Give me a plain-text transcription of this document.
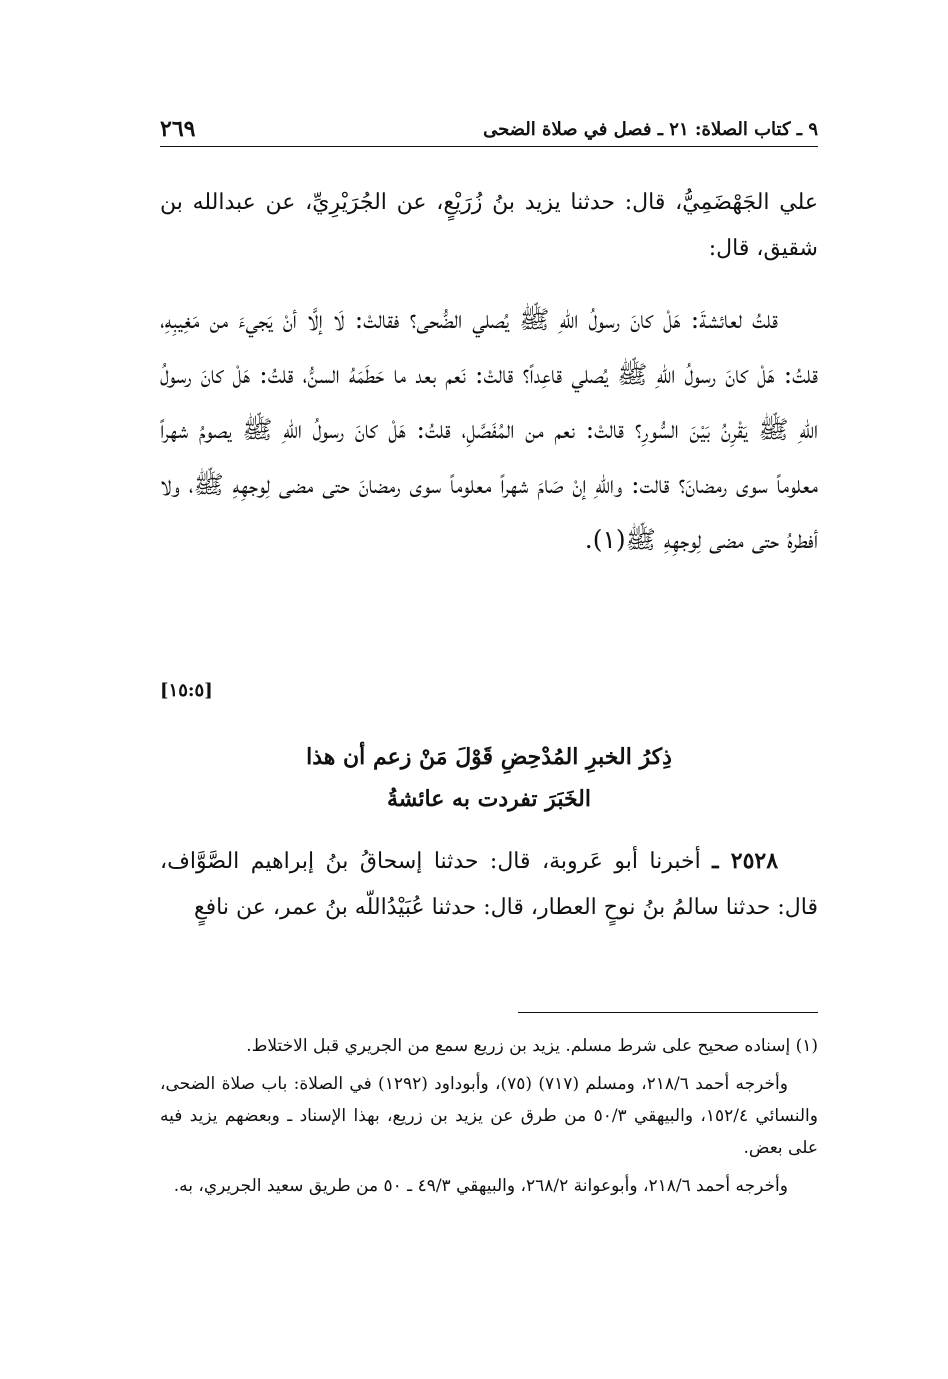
٩ ـ كتاب الصلاة: ٢١ ـ فصل في صلاة الضحى
٢٦٩

علي الجَهْضَمِيُّ، قال: حدثنا يزيد بنُ زُرَيْعٍ، عن الجُرَيْرِيِّ، عن عبدالله بن شقيق، قال:

قلتُ لعائشةَ: هَلْ كانَ رسولُ اللّهِ ﷺ يُصلي الضُّحى؟ فقالتْ: لَا إلَّا أنْ يَجيءَ من مَغِيبِهِ، قلتُ: هَلْ كانَ رسولُ اللّهِ ﷺ يُصلي قاعِداً؟ قالتْ: نَعم بعد ما حَطَمَهُ السنُّ، قلتُ: هَلْ كانَ رسولُ اللّهِ ﷺ يَقْرِنُ بَيْنَ السُّورِ؟ قالتْ: نعم من المُفَصَّلِ، قلتُ: هَلْ كانَ رسولُ اللّهِ ﷺ يصومُ شهراً معلوماً سوى رمضانَ؟ قالت: واللّهِ إنْ صَامَ شهراً معلوماً سوى رمضانَ حتى مضى لِوجهِهِ ﷺ، ولا أفطرهُ حتى مضى لِوجهِهِ ﷺ(١).

[١٥:٥]
ذِكرُ الخبرِ المُدْحِضِ قَوْلَ مَنْ زعم أن هذا
الخَبَرَ تفردت به عائشةُ

٢٥٢٨ ـ أخبرنا أبو عَروبة، قال: حدثنا إسحاقُ بنُ إبراهيم الصَّوَّاف، قال: حدثنا سالمُ بنُ نوحٍ العطار، قال: حدثنا عُبَيْدُاللّه بنُ عمر، عن نافعٍ

(١) إسناده صحيح على شرط مسلم. يزيد بن زريع سمع من الجريري قبل الاختلاط.

وأخرجه أحمد ٢١٨/٦، ومسلم (٧١٧) (٧٥)، وأبوداود (١٢٩٢) في الصلاة: باب صلاة الضحى، والنسائي ١٥٢/٤، والبيهقي ٥٠/٣ من طرق عن يزيد بن زريع، بهذا الإسناد ـ وبعضهم يزيد فيه على بعض.

وأخرجه أحمد ٢١٨/٦، وأبوعوانة ٢٦٨/٢، والبيهقي ٤٩/٣ ـ ٥٠ من طريق سعيد الجريري، به.
